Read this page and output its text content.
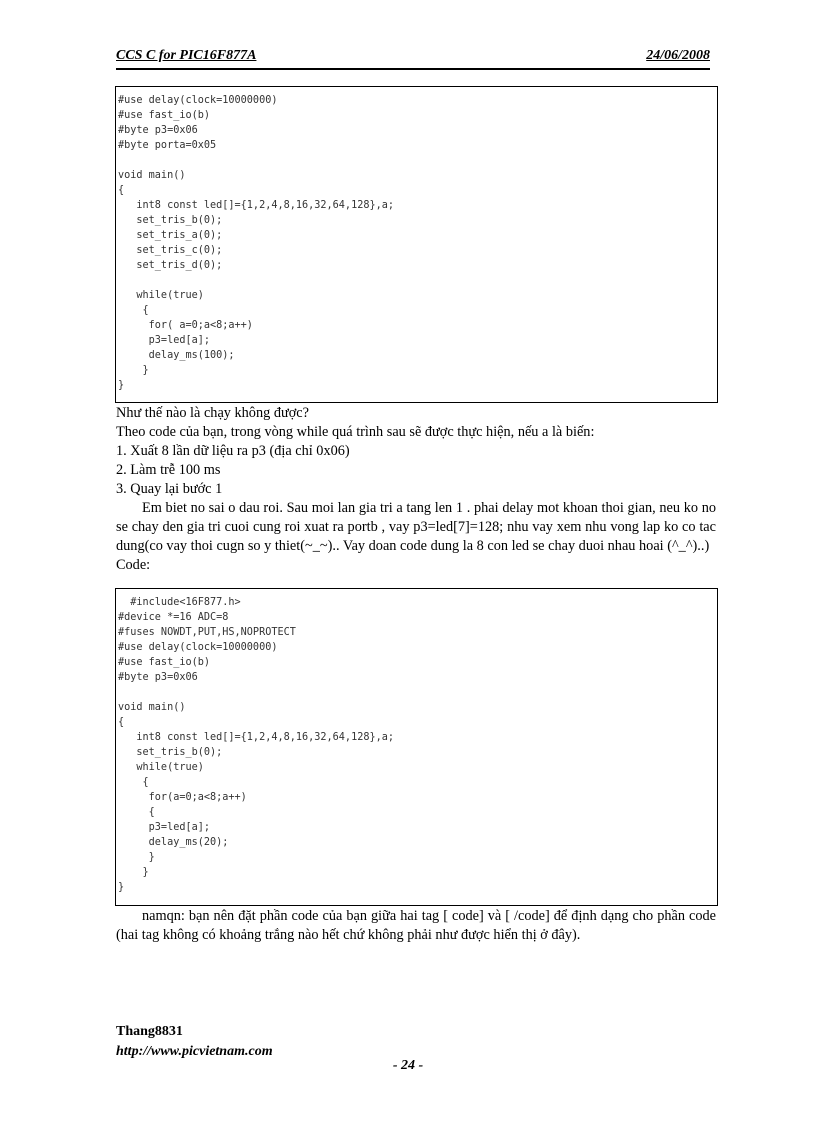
CCS C for PIC16F877A	24/06/2008
#use delay(clock=10000000)
#use fast_io(b)
#byte p3=0x06
#byte porta=0x05

void main()
{
int8 const led[]={1,2,4,8,16,32,64,128},a;
set_tris_b(0);
set_tris_a(0);
set_tris_c(0);
set_tris_d(0);

while(true)
{
for( a=0;a<8;a++)
p3=led[a];
delay_ms(100);
}
}

Như thế nào là chạy không được?

Theo code của bạn, trong vòng while quá trình sau sẽ được thực hiện, nếu a là biến:

1. Xuất 8 lần dữ liệu ra p3 (địa chỉ 0x06)

2. Làm trễ 100 ms

3. Quay lại bước 1

Em biet no sai o dau roi. Sau moi lan gia tri a tang len 1 . phai delay mot khoan thoi gian, neu ko no se chay den gia tri cuoi cung roi xuat ra portb , vay p3=led[7]=128; nhu vay xem nhu vong lap ko co tac dung(co vay thoi cugn so y thiet(~_~).. Vay doan code dung la 8 con led se chay duoi nhau hoai (^_^)..)

Code:

#include<16F877.h>
#device *=16 ADC=8
#fuses NOWDT,PUT,HS,NOPROTECT
#use delay(clock=10000000)
#use fast_io(b)
#byte p3=0x06

void main()
{
int8 const led[]={1,2,4,8,16,32,64,128},a;
set_tris_b(0);
while(true)
{
for(a=0;a<8;a++)
{
p3=led[a];
delay_ms(20);
}
}
}

namqn: bạn nên đặt phần code của bạn giữa hai tag [ code] và [ /code] để định dạng cho phần code (hai tag không có khoảng trắng nào hết chứ không phải như được hiển thị ở đây).

Thang8831
http://www.picvietnam.com
- 24 -
